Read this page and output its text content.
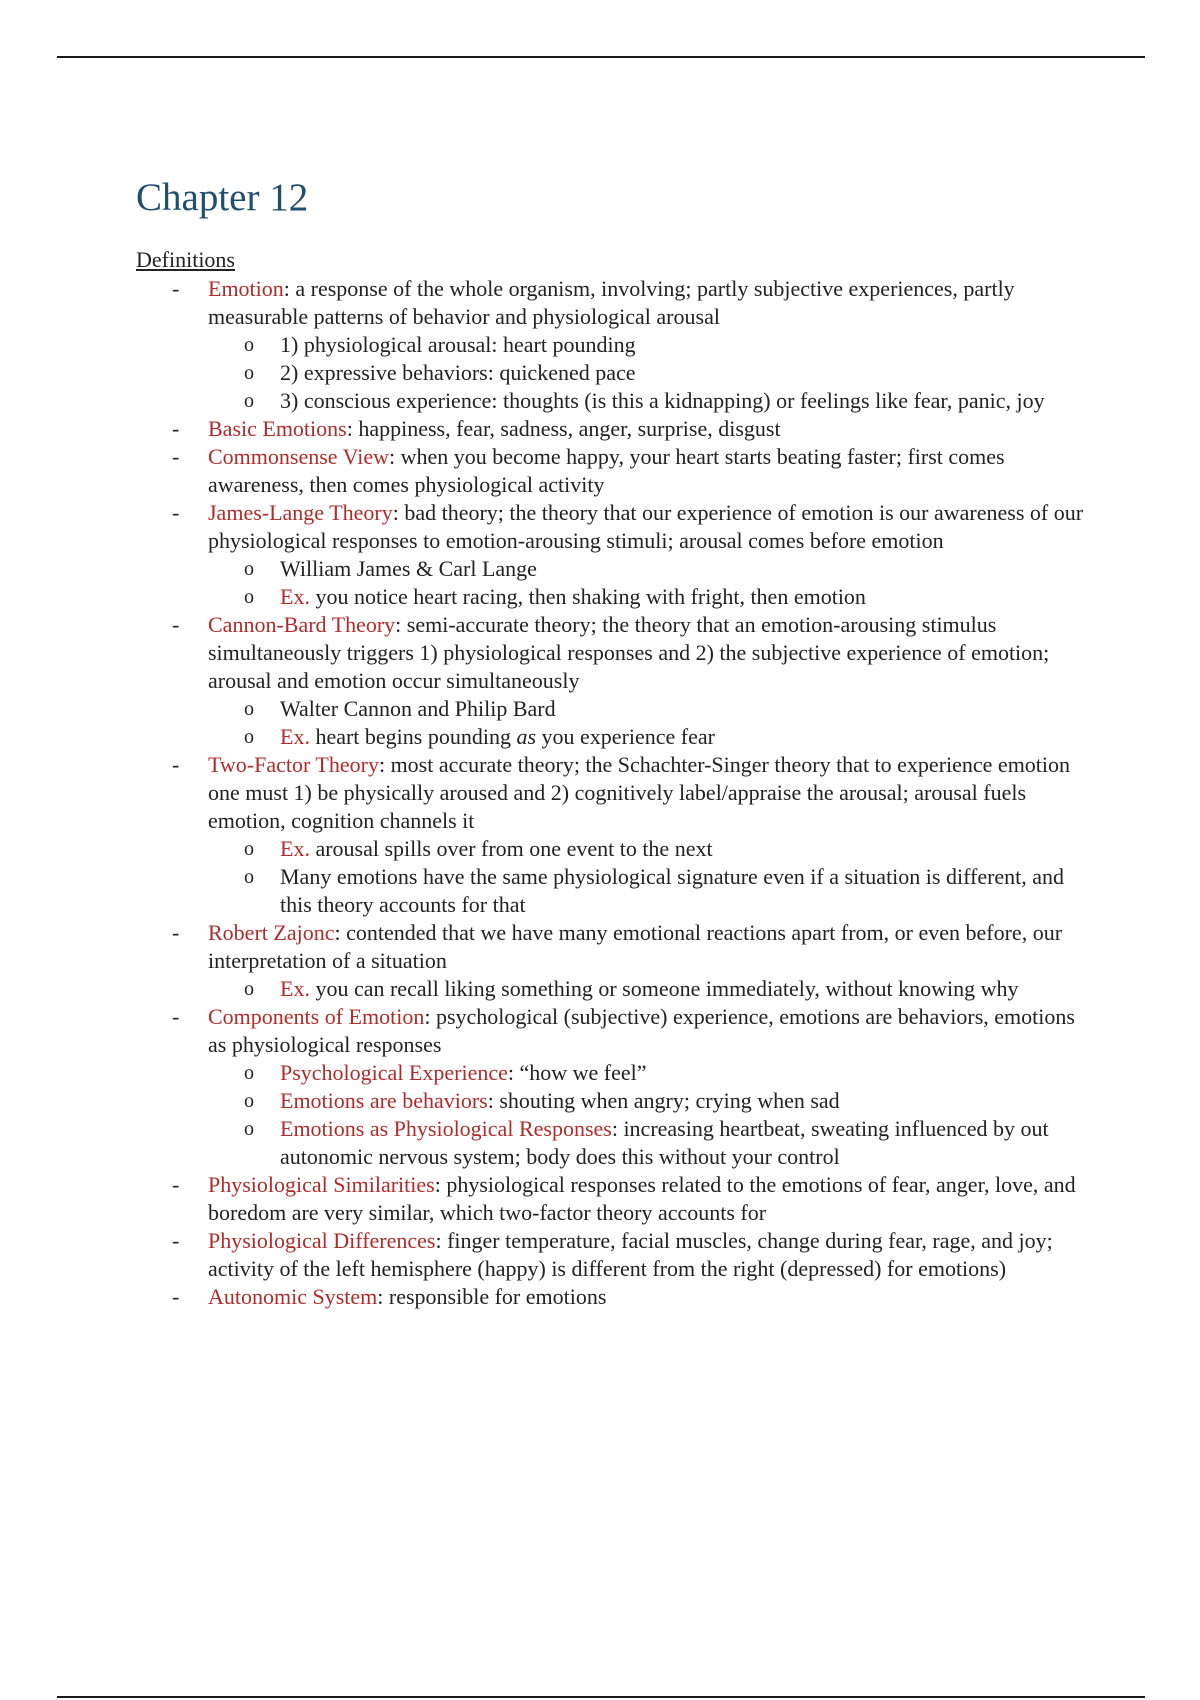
Chapter 12
Definitions
- Emotion: a response of the whole organism, involving; partly subjective experiences, partly measurable patterns of behavior and physiological arousal
o 1) physiological arousal: heart pounding
o 2) expressive behaviors: quickened pace
o 3) conscious experience: thoughts (is this a kidnapping) or feelings like fear, panic, joy
- Basic Emotions: happiness, fear, sadness, anger, surprise, disgust
- Commonsense View: when you become happy, your heart starts beating faster; first comes awareness, then comes physiological activity
- James-Lange Theory: bad theory; the theory that our experience of emotion is our awareness of our physiological responses to emotion-arousing stimuli; arousal comes before emotion
o William James & Carl Lange
o Ex. you notice heart racing, then shaking with fright, then emotion
- Cannon-Bard Theory: semi-accurate theory; the theory that an emotion-arousing stimulus simultaneously triggers 1) physiological responses and 2) the subjective experience of emotion; arousal and emotion occur simultaneously
o Walter Cannon and Philip Bard
o Ex. heart begins pounding as you experience fear
- Two-Factor Theory: most accurate theory; the Schachter-Singer theory that to experience emotion one must 1) be physically aroused and 2) cognitively label/appraise the arousal; arousal fuels emotion, cognition channels it
o Ex. arousal spills over from one event to the next
o Many emotions have the same physiological signature even if a situation is different, and this theory accounts for that
- Robert Zajonc: contended that we have many emotional reactions apart from, or even before, our interpretation of a situation
o Ex. you can recall liking something or someone immediately, without knowing why
- Components of Emotion: psychological (subjective) experience, emotions are behaviors, emotions as physiological responses
o Psychological Experience: “how we feel”
o Emotions are behaviors: shouting when angry; crying when sad
o Emotions as Physiological Responses: increasing heartbeat, sweating influenced by out autonomic nervous system; body does this without your control
- Physiological Similarities: physiological responses related to the emotions of fear, anger, love, and boredom are very similar, which two-factor theory accounts for
- Physiological Differences: finger temperature, facial muscles, change during fear, rage, and joy; activity of the left hemisphere (happy) is different from the right (depressed) for emotions)
- Autonomic System: responsible for emotions
